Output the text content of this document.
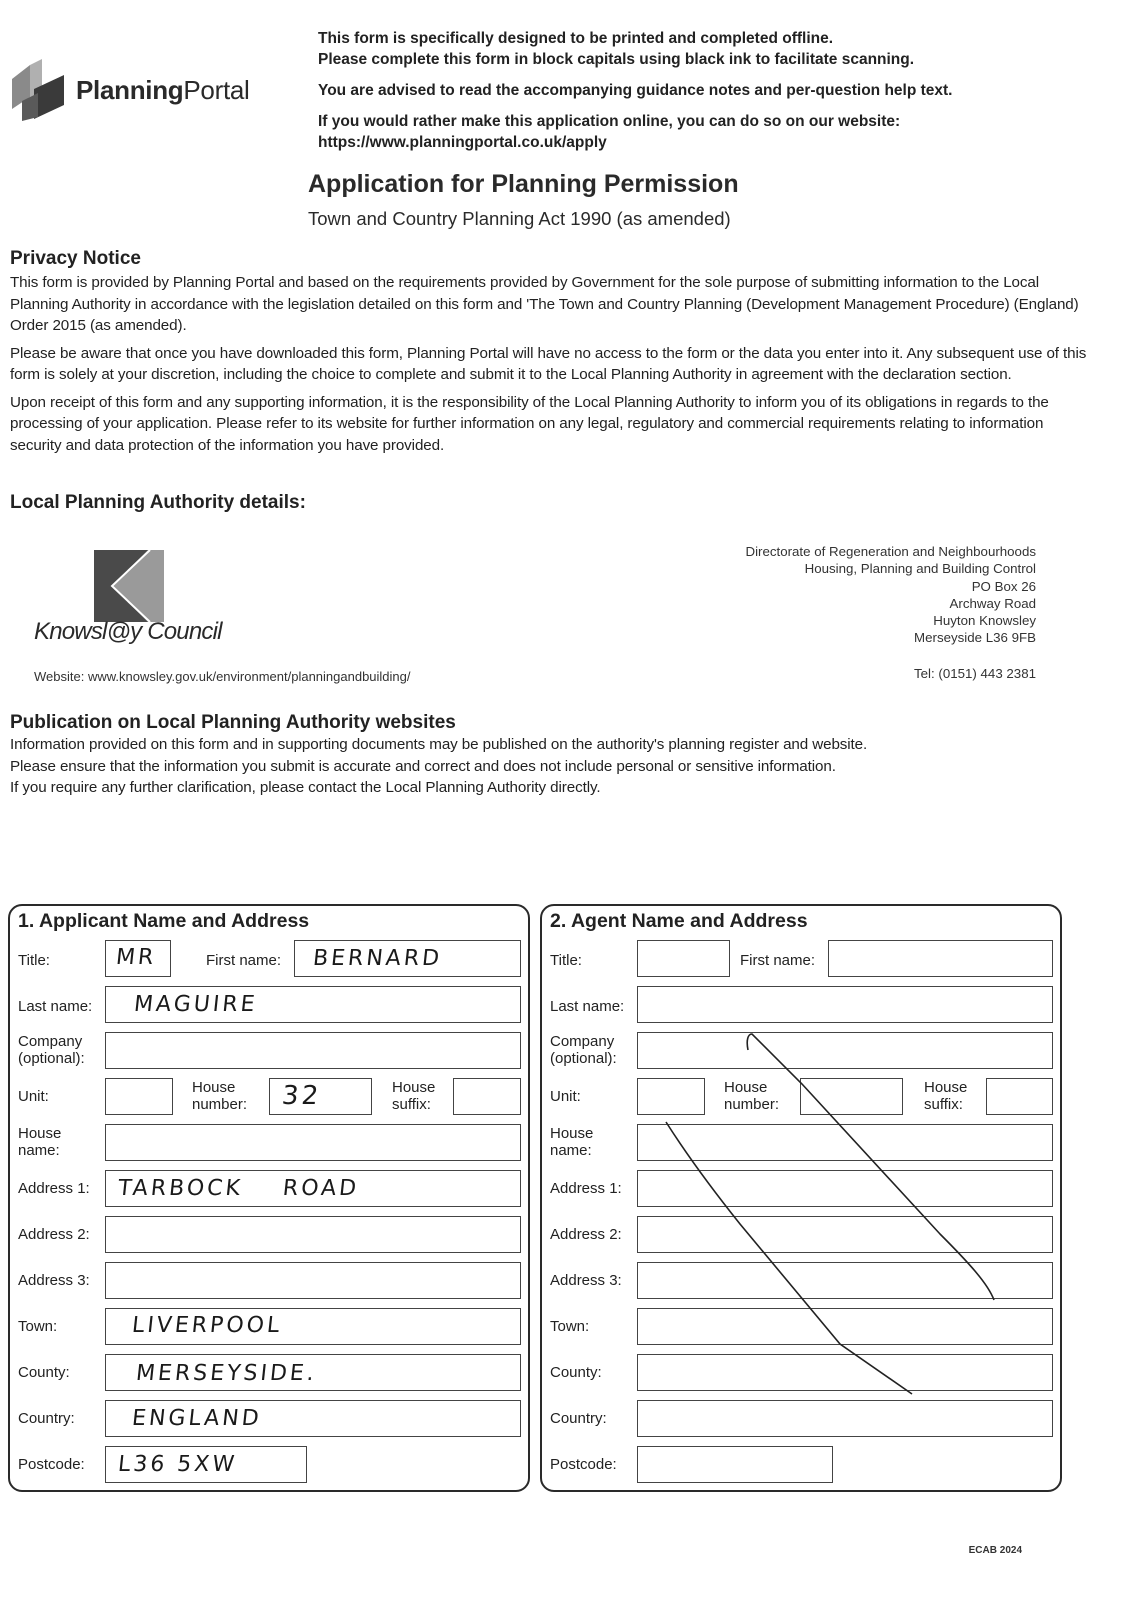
PlanningPortal

This form is specifically designed to be printed and completed offline.

Please complete this form in block capitals using black ink to facilitate scanning.

You are advised to read the accompanying guidance notes and per-question help text.

If you would rather make this application online, you can do so on our website:

https://www.planningportal.co.uk/apply

Application for Planning Permission
Town and Country Planning Act 1990 (as amended)
Privacy Notice

This form is provided by Planning Portal and based on the requirements provided by Government for the sole purpose of submitting information to the Local Planning Authority in accordance with the legislation detailed on this form and 'The Town and Country Planning (Development Management Procedure) (England) Order 2015 (as amended).

Please be aware that once you have downloaded this form, Planning Portal will have no access to the form or the data you enter into it. Any subsequent use of this form is solely at your discretion, including the choice to complete and submit it to the Local Planning Authority in agreement with the declaration section.

Upon receipt of this form and any supporting information, it is the responsibility of the Local Planning Authority to inform you of its obligations in regards to the processing of your application. Please refer to its website for further information on any legal, regulatory and commercial requirements relating to information security and data protection of the information you have provided.

Local Planning Authority details:
Knowsl@y Council
Website: www.knowsley.gov.uk/environment/planningandbuilding/
Directorate of Regeneration and Neighbourhoods
Housing, Planning and Building Control
PO Box 26
Archway Road
Huyton Knowsley
Merseyside L36 9FB
Tel: (0151) 443 2381
Publication on Local Planning Authority websites

Information provided on this form and in supporting documents may be published on the authority's planning register and website.

Please ensure that the information you submit is accurate and correct and does not include personal or sensitive information.

If you require any further clarification, please contact the Local Planning Authority directly.

1. Applicant Name and Address
Title:	MR	First name: BERNARD
Last name: MAGUIRE
Company
(optional):
Unit:
House
number: 32	House
suffix:
House
name:
Address 1: TARBOCK    ROAD
Address 2:
Address 3:
Town:	LIVERPOOL
County:	MERSEYSIDE.
Country:	ENGLAND
Postcode: L36 5XW
2. Agent Name and Address
Title:	First name:
Last name:
Company
(optional):
Unit:
House
number:
House
suffix:
House
name:
Address 1:
Address 2:
Address 3:
Town:
County:
Country:
Postcode:
ECAB 2024
